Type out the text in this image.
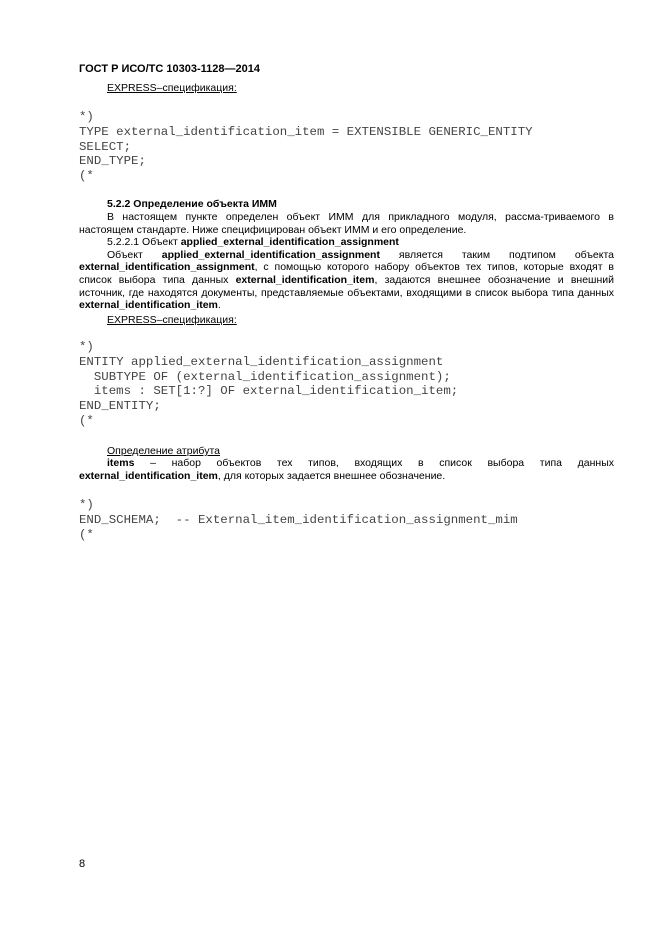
ГОСТ Р ИСО/ТС 10303-1128—2014
EXPRESS–спецификация:
*)
TYPE external_identification_item = EXTENSIBLE GENERIC_ENTITY
SELECT;
END_TYPE;
(*
5.2.2 Определение объекта ИММ

В настоящем пункте определен объект ИММ для прикладного модуля, рассма-триваемого в настоящем стандарте. Ниже специфицирован объект ИММ и его определение.

5.2.2.1 Объект applied_external_identification_assignment

Объект applied_external_identification_assignment является таким подтипом объекта external_identification_assignment, с помощью которого набору объектов тех типов, которые входят в список выбора типа данных external_identification_item, задаются внешнее обозначение и внешний источник, где находятся документы, представляемые объектами, входящими в список выбора типа данных external_identification_item.

EXPRESS–спецификация:
*)
ENTITY applied_external_identification_assignment
SUBTYPE OF (external_identification_assignment);
items : SET[1:?] OF external_identification_item;
END_ENTITY;
(*
Определение атрибута

items – набор объектов тех типов, входящих в список выбора типа данных external_identification_item, для которых задается внешнее обозначение.

*)
END_SCHEMA;  -- External_item_identification_assignment_mim
(*
8
